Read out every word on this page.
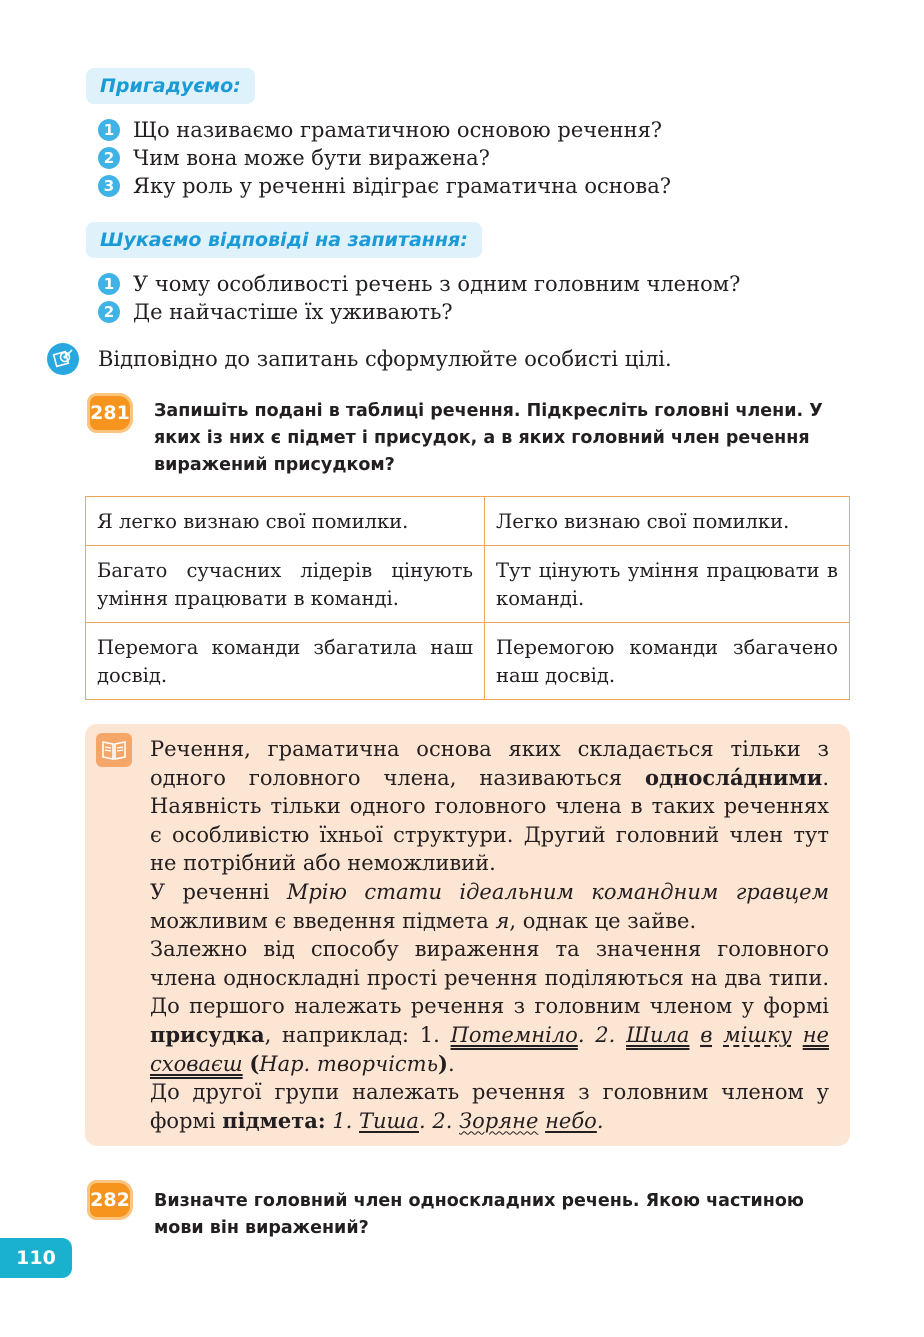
Пригадуємо:
1 Що називаємо граматичною основою речення?
2 Чим вона може бути виражена?
3 Яку роль у реченні відіграє граматична основа?
Шукаємо відповіді на запитання:
1 У чому особливості речень з одним головним членом?
2 Де найчастіше їх уживають?
Відповідно до запитань сформулюйте особисті цілі.
281 Запишіть подані в таблиці речення. Підкресліть головні члени. У яких із них є підмет і присудок, а в яких головний член речення виражений присудком?
Я легко визнаю свої помилки.	Легко визнаю свої помилки.
Багато сучасних лідерів цінують уміння працювати в команді.	Тут цінують уміння працювати в команді.
Перемога команди збагатила наш досвід.	Перемогою команди збагачено наш досвід.

Речення, граматична основа яких складається тільки з одного головного члена, називаються однослáдними. Наявність тільки одного головного члена в таких реченнях є особливістю їхньої структури. Другий головний член тут не потрібний або неможливий.

У реченні Мрію стати ідеальним командним гравцем можливим є введення підмета я, однак це зайве.

Залежно від способу вираження та значення головного члена односкладні прості речення поділяються на два типи. До першого належать речення з головним членом у формі присудка, наприклад: 1. Потемніло. 2. Шила в мішку не сховаєш (Нар. творчість).

До другої групи належать речення з головним членом у формі підмета: 1. Тиша. 2. Зоряне небо.

282 Визначте головний член односкладних речень. Якою частиною мови він виражений?
110
